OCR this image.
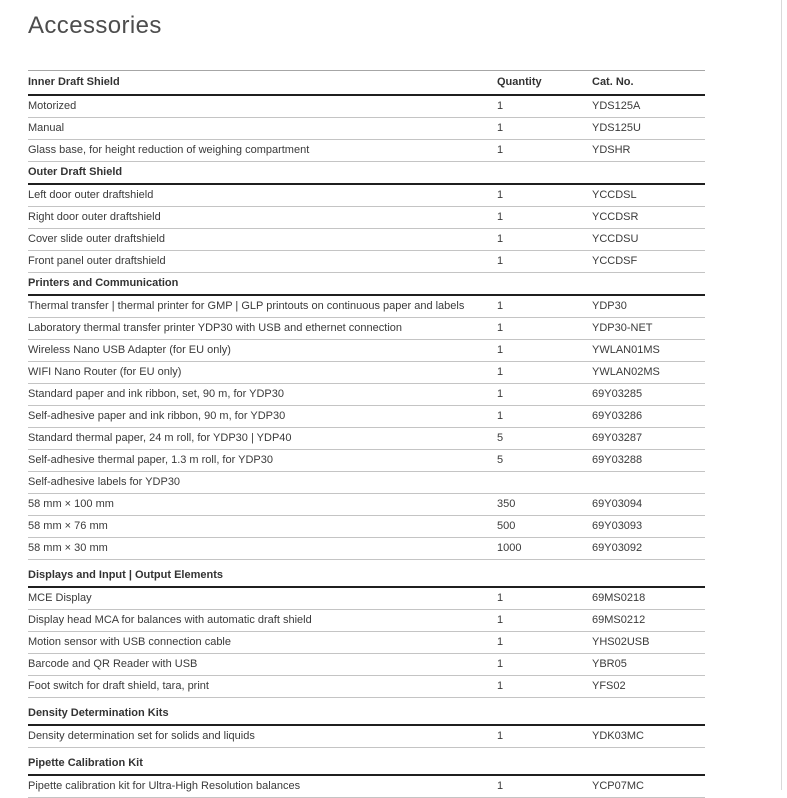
Accessories
Inner Draft Shield	Quantity	Cat. No.
Motorized	1	YDS125A
Manual	1	YDS125U
Glass base, for height reduction of weighing compartment	1	YDSHR
Outer Draft Shield		
Left door outer draftshield	1	YCCDSL
Right door outer draftshield	1	YCCDSR
Cover slide outer draftshield	1	YCCDSU
Front panel outer draftshield	1	YCCDSF
Printers and Communication		
Thermal transfer | thermal printer for GMP | GLP printouts on continuous paper and labels	1	YDP30
Laboratory thermal transfer printer YDP30 with USB and ethernet connection	1	YDP30-NET
Wireless Nano USB Adapter (for EU only)	1	YWLAN01MS
WIFI Nano Router (for EU only)	1	YWLAN02MS
Standard paper and ink ribbon, set, 90 m, for YDP30	1	69Y03285
Self-adhesive paper and ink ribbon, 90 m, for YDP30	1	69Y03286
Standard thermal paper, 24 m roll, for YDP30 | YDP40	5	69Y03287
Self-adhesive thermal paper, 1.3 m roll, for YDP30	5	69Y03288
Self-adhesive labels for YDP30		
58 mm × 100 mm	350	69Y03094
58 mm × 76 mm	500	69Y03093
58 mm × 30 mm	1000	69Y03092
Displays and Input | Output Elements		
MCE Display	1	69MS0218
Display head MCA for balances with automatic draft shield	1	69MS0212
Motion sensor with USB connection cable	1	YHS02USB
Barcode and QR Reader with USB	1	YBR05
Foot switch for draft shield, tara, print	1	YFS02
Density Determination Kits		
Density determination set for solids and liquids	1	YDK03MC
Pipette Calibration Kit		
Pipette calibration kit for Ultra-High Resolution balances	1	YCP07MC
